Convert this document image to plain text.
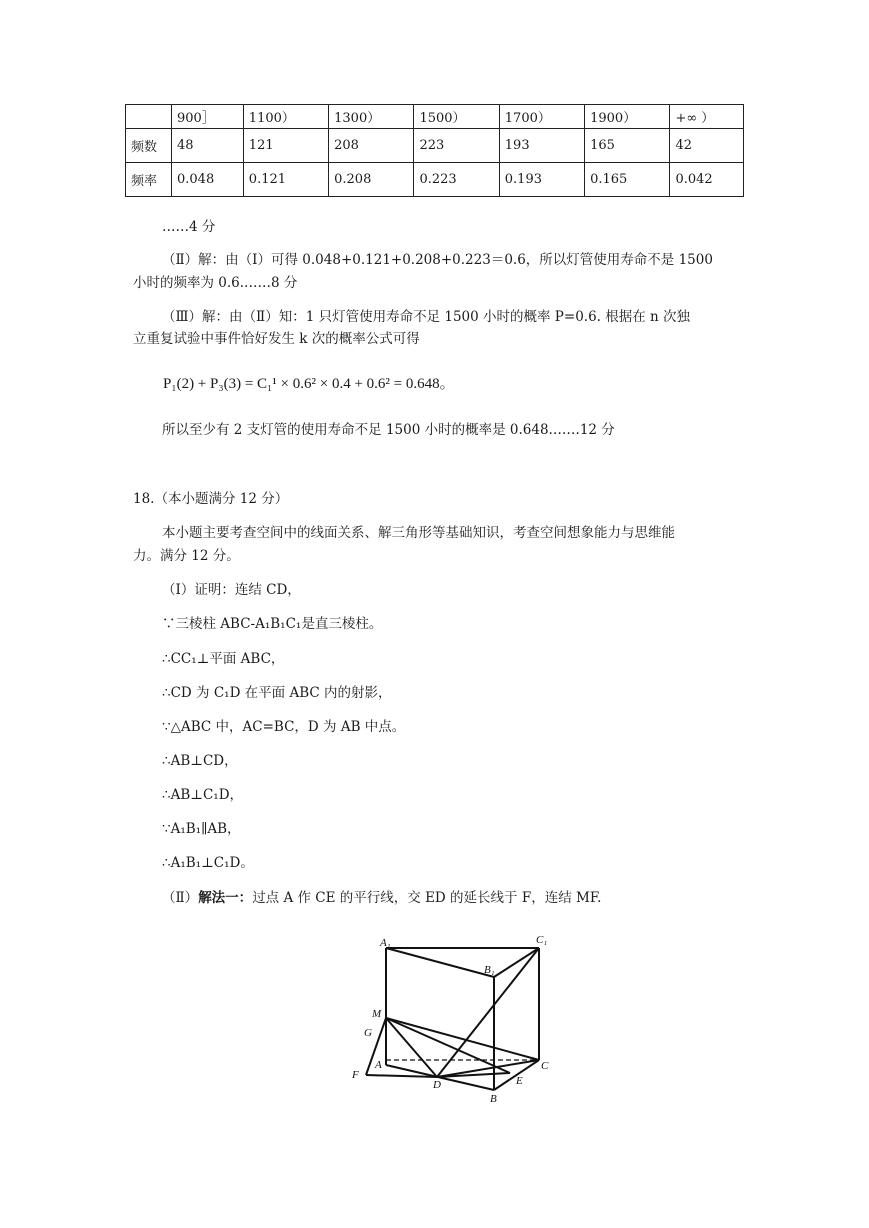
	900］	1100）	1300）	1500）	1700）	1900）	+∞ ）
频数	48	121	208	223	193	165	42
频率	0.048	0.121	0.208	0.223	0.193	0.165	0.042
……4 分
（Ⅱ）解：由（Ⅰ）可得 0.048+0.121+0.208+0.223＝0.6，所以灯管使用寿命不是 1500
小时的频率为 0.6.……8 分
（Ⅲ）解：由（Ⅱ）知：1 只灯管使用寿命不足 1500 小时的概率 P=0.6. 根据在 n 次独
立重复试验中事件恰好发生 k 次的概率公式可得
P₁(2) + P₃(3) = C₁¹ × 0.6² × 0.4 + 0.6² = 0.648。
所以至少有 2 支灯管的使用寿命不足 1500 小时的概率是 0.648.……12 分
18.（本小题满分 12 分）
本小题主要考查空间中的线面关系、解三角形等基础知识，考查空间想象能力与思维能
力。满分 12 分。
（Ⅰ）证明：连结 CD，
∵三棱柱 ABC-A₁B₁C₁是直三棱柱。
∴CC₁⊥平面 ABC，
∴CD 为 C₁D 在平面 ABC 内的射影，
∵△ABC 中，AC=BC，D 为 AB 中点。
∴AB⊥CD，
∴AB⊥C₁D，
∵A₁B₁∥AB，
∴A₁B₁⊥C₁D。
（Ⅱ）解法一：过点 A 作 CE 的平行线，交 ED 的延长线于 F，连结 MF.
A₁	C₁
B₁
M
G
A
F
D	E
C
B
